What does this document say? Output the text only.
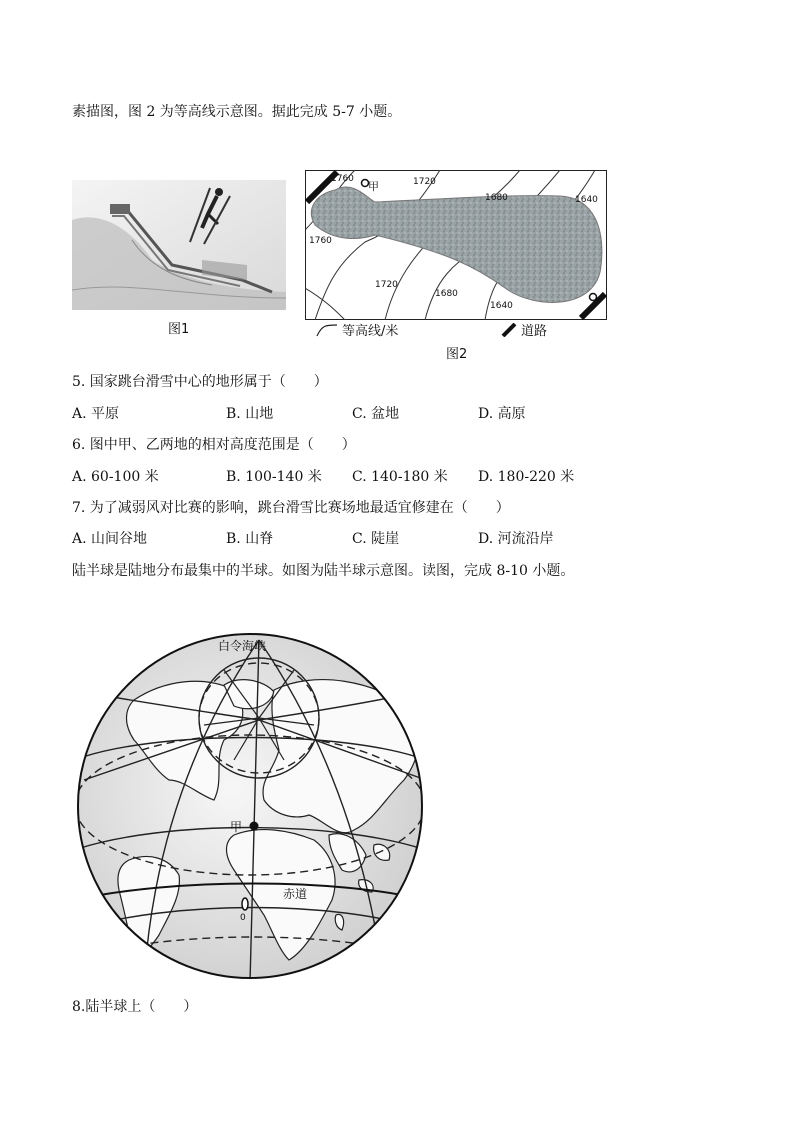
素描图，图 2 为等高线示意图。据此完成 5-7 小题。
图1
1760
甲	1720
1680	1640
1760
1720
1680
1640
等高线/米	道路
图2
5. 国家跳台滑雪中心的地形属于（　　）
A. 平原	B. 山地	C. 盆地	D. 高原
6. 图中甲、乙两地的相对高度范围是（　　）
A. 60-100 米	B. 100-140 米 C. 140-180 米 D. 180-220 米
7. 为了减弱风对比赛的影响，跳台滑雪比赛场地最适宜修建在（　　）
A. 山间谷地	B. 山脊	C. 陡崖	D. 河流沿岸
陆半球是陆地分布最集中的半球。如图为陆半球示意图。读图，完成 8-10 小题。
白令海峡
甲
赤道
0
8.陆半球上（　　）
